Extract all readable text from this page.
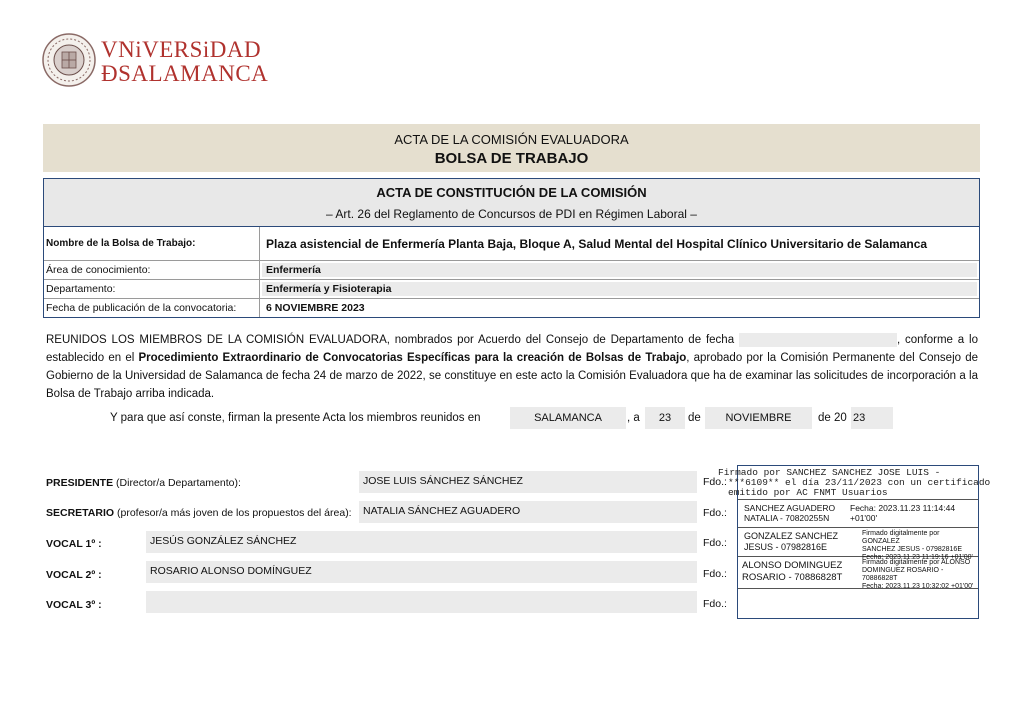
VNiVERSiDAD
ÐSALAMANCA
ACTA DE LA COMISIÓN EVALUADORA
BOLSA DE TRABAJO
ACTA DE CONSTITUCIÓN DE LA COMISIÓN
– Art. 26 del Reglamento de Concursos de PDI en Régimen Laboral –
Nombre de la Bolsa de Trabajo:	Plaza asistencial de Enfermería Planta Baja, Bloque A, Salud Mental del Hospital Clínico Universitario de Salamanca
Área de conocimiento:	Enfermería
Departamento:	Enfermería y Fisioterapia
Fecha de publicación de la convocatoria:	6 NOVIEMBRE 2023
REUNIDOS LOS MIEMBROS DE LA COMISIÓN EVALUADORA, nombrados por Acuerdo del Consejo de Departamento de fecha	, conforme a lo establecido en el Procedimiento Extraordinario de Convocatorias Específicas para la creación de Bolsas de Trabajo, aprobado por la Comisión Permanente del Consejo de Gobierno de la Universidad de Salamanca de fecha 24 de marzo de 2022, se constituye en este acto la Comisión Evaluadora que ha de examinar las solicitudes de incorporación a la Bolsa de Trabajo arriba indicada.
Y para que así conste, firman la presente Acta los miembros reunidos en	SALAMANCA	, a	23	de	NOVIEMBRE	de 20 23
PRESIDENTE (Director/a Departamento):	JOSE LUIS SÁNCHEZ SÁNCHEZ	Fdo.:
SECRETARIO (profesor/a más joven de los propuestos del área):	NATALIA SÁNCHEZ AGUADERO	Fdo.:
VOCAL 1º :	JESÚS GONZÁLEZ SÁNCHEZ	Fdo.:
VOCAL 2º :	ROSARIO ALONSO DOMÍNGUEZ	Fdo.:
VOCAL 3º :	Fdo.:
SANCHEZ AGUADERO NATALIA - 70820255N
Fecha: 2023.11.23 11:14:44 +01'00'
GONZALEZ SANCHEZ JESUS - 07982816E
Firmado digitalmente por GONZALEZ
SANCHEZ JESUS - 07982816E
Fecha: 2023.11.23 11:19:16 +01'00'
ALONSO DOMINGUEZ ROSARIO - 70886828T
Firmado digitalmente por ALONSO
DOMINGUEZ ROSARIO - 70886828T
Fecha: 2023.11.23 10:32:02 +01'00'
Firmado por SANCHEZ SANCHEZ JOSE LUIS -
***6109** el día 23/11/2023 con un certificado
emitido por AC FNMT Usuarios
